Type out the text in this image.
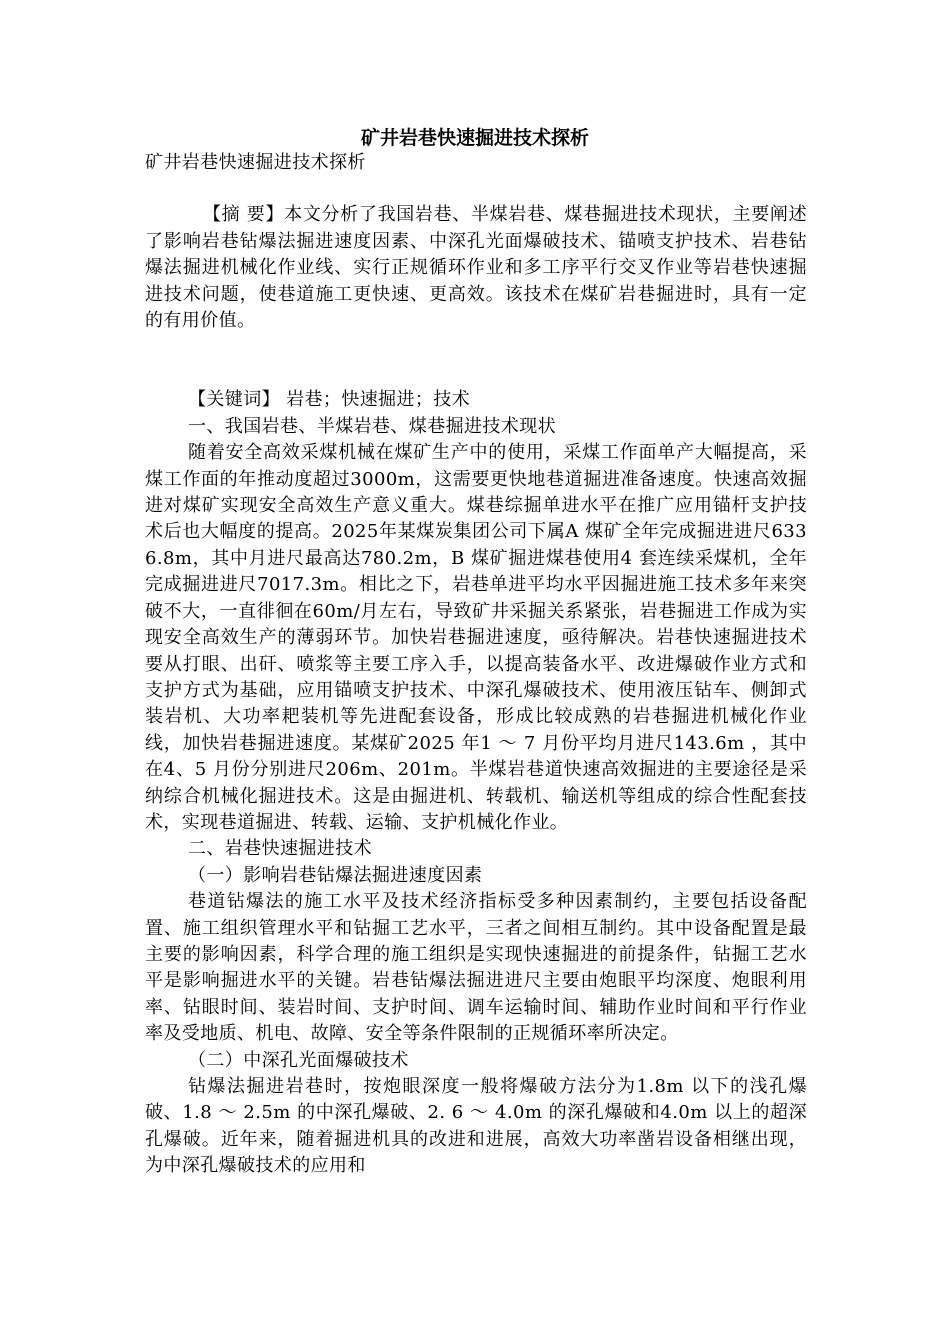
矿井岩巷快速掘进技术探析

矿井岩巷快速掘进技术探析

【摘 要】本文分析了我国岩巷、半煤岩巷、煤巷掘进技术现状，主要阐述了影响岩巷钻爆法掘进速度因素、中深孔光面爆破技术、锚喷支护技术、岩巷钻爆法掘进机械化作业线、实行正规循环作业和多工序平行交叉作业等岩巷快速掘进技术问题，使巷道施工更快速、更高效。该技术在煤矿岩巷掘进时，具有一定的有用价值。

【关键词】 岩巷；快速掘进；技术

一、我国岩巷、半煤岩巷、煤巷掘进技术现状

随着安全高效采煤机械在煤矿生产中的使用，采煤工作面单产大幅提高，采煤工作面的年推动度超过3000m，这需要更快地巷道掘进准备速度。快速高效掘进对煤矿实现安全高效生产意义重大。煤巷综掘单进水平在推广应用锚杆支护技术后也大幅度的提高。2025年某煤炭集团公司下属A 煤矿全年完成掘进进尺6336.8m，其中月进尺最高达780.2m，B 煤矿掘进煤巷使用4 套连续采煤机，全年完成掘进进尺7017.3m。相比之下，岩巷单进平均水平因掘进施工技术多年来突破不大，一直徘徊在60m/月左右，导致矿井采掘关系紧张，岩巷掘进工作成为实现安全高效生产的薄弱环节。加快岩巷掘进速度，亟待解决。岩巷快速掘进技术要从打眼、出矸、喷浆等主要工序入手，以提高装备水平、改进爆破作业方式和支护方式为基础，应用锚喷支护技术、中深孔爆破技术、使用液压钻车、侧卸式装岩机、大功率耙装机等先进配套设备，形成比较成熟的岩巷掘进机械化作业线，加快岩巷掘进速度。某煤矿2025 年1 ～ 7 月份平均月进尺143.6m ，其中在4、5 月份分别进尺206m、201m。半煤岩巷道快速高效掘进的主要途径是采纳综合机械化掘进技术。这是由掘进机、转载机、输送机等组成的综合性配套技术，实现巷道掘进、转载、运输、支护机械化作业。

二、岩巷快速掘进技术

（一）影响岩巷钻爆法掘进速度因素

巷道钻爆法的施工水平及技术经济指标受多种因素制约，主要包括设备配置、施工组织管理水平和钻掘工艺水平，三者之间相互制约。其中设备配置是最主要的影响因素，科学合理的施工组织是实现快速掘进的前提条件，钻掘工艺水平是影响掘进水平的关键。岩巷钻爆法掘进进尺主要由炮眼平均深度、炮眼利用率、钻眼时间、装岩时间、支护时间、调车运输时间、辅助作业时间和平行作业率及受地质、机电、故障、安全等条件限制的正规循环率所决定。

（二）中深孔光面爆破技术

钻爆法掘进岩巷时，按炮眼深度一般将爆破方法分为1.8m 以下的浅孔爆破、1.8 ～ 2.5m 的中深孔爆破、2. 6 ～ 4.0m 的深孔爆破和4.0m 以上的超深孔爆破。近年来，随着掘进机具的改进和进展，高效大功率凿岩设备相继出现，为中深孔爆破技术的应用和
